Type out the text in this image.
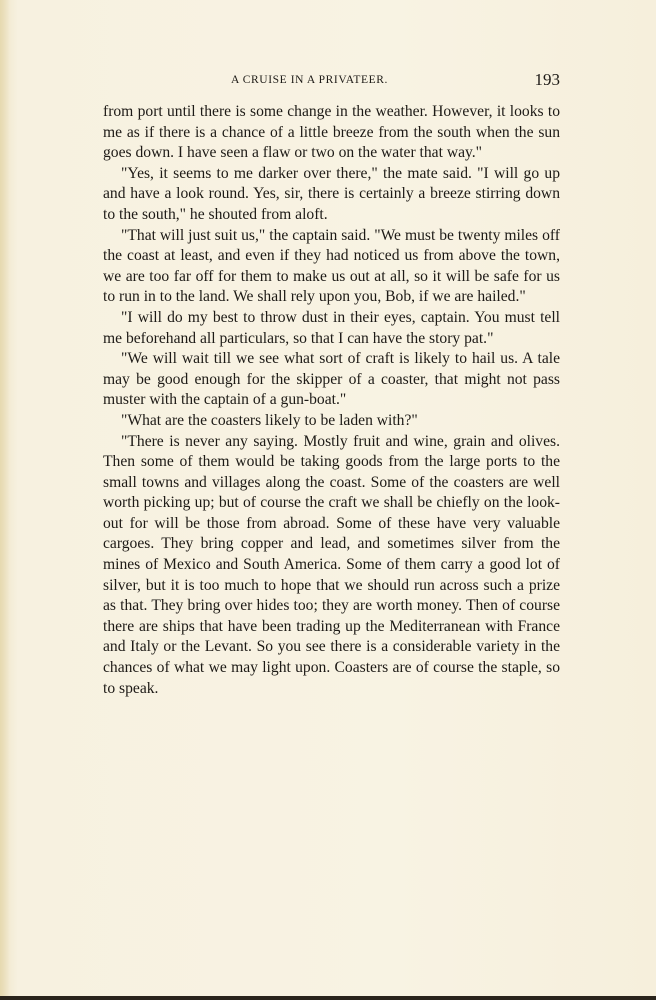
A CRUISE IN A PRIVATEER.	193

from port until there is some change in the weather. However, it looks to me as if there is a chance of a little breeze from the south when the sun goes down. I have seen a flaw or two on the water that way."

"Yes, it seems to me darker over there," the mate said. "I will go up and have a look round. Yes, sir, there is certainly a breeze stirring down to the south," he shouted from aloft.

"That will just suit us," the captain said. "We must be twenty miles off the coast at least, and even if they had noticed us from above the town, we are too far off for them to make us out at all, so it will be safe for us to run in to the land. We shall rely upon you, Bob, if we are hailed."

"I will do my best to throw dust in their eyes, captain. You must tell me beforehand all particulars, so that I can have the story pat."

"We will wait till we see what sort of craft is likely to hail us. A tale may be good enough for the skipper of a coaster, that might not pass muster with the captain of a gun-boat."

"What are the coasters likely to be laden with?"

"There is never any saying. Mostly fruit and wine, grain and olives. Then some of them would be taking goods from the large ports to the small towns and villages along the coast. Some of the coasters are well worth picking up; but of course the craft we shall be chiefly on the look-out for will be those from abroad. Some of these have very valuable cargoes. They bring copper and lead, and sometimes silver from the mines of Mexico and South America. Some of them carry a good lot of silver, but it is too much to hope that we should run across such a prize as that. They bring over hides too; they are worth money. Then of course there are ships that have been trading up the Mediterranean with France and Italy or the Levant. So you see there is a considerable variety in the chances of what we may light upon. Coasters are of course the staple, so to speak.
